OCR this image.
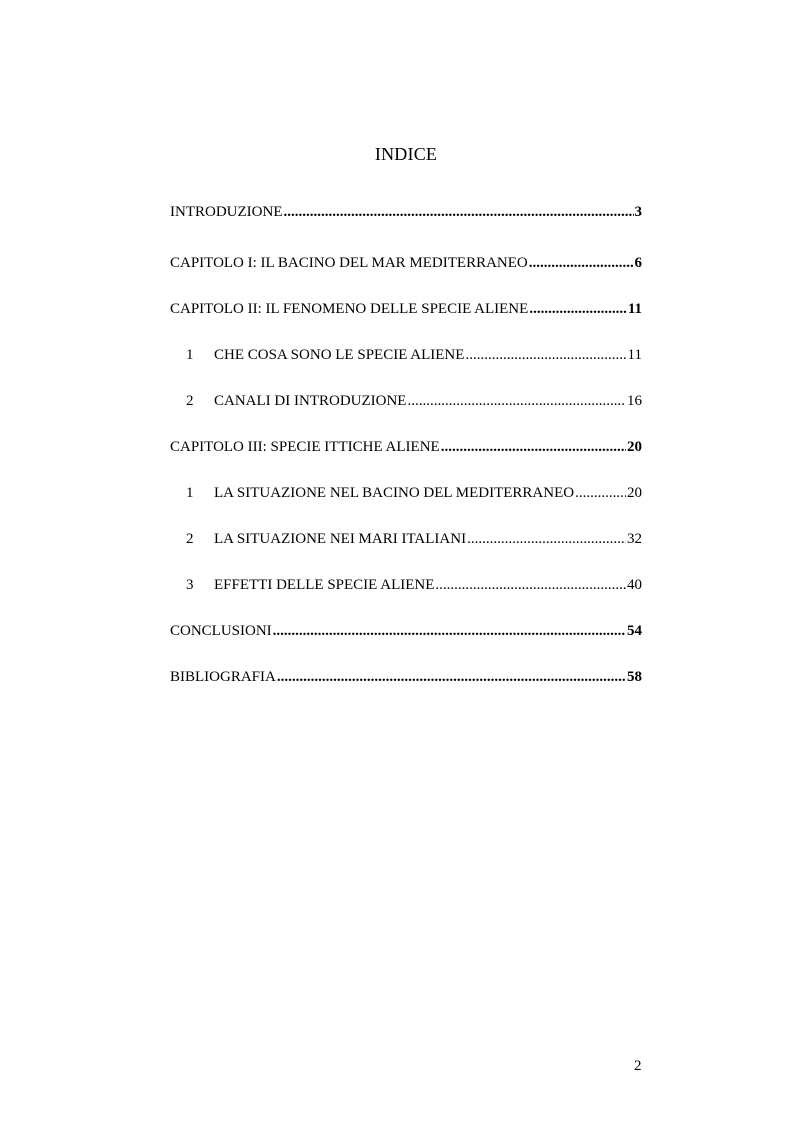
INDICE
INTRODUZIONE .....	3
CAPITOLO I: IL BACINO DEL MAR MEDITERRANEO .....	6
CAPITOLO II: IL FENOMENO DELLE SPECIE ALIENE .....	11
1	CHE COSA SONO LE SPECIE ALIENE .....	11
2	CANALI DI INTRODUZIONE .....	16
CAPITOLO III: SPECIE ITTICHE ALIENE .....	20
1	LA SITUAZIONE NEL BACINO DEL MEDITERRANEO .....	20
2	LA SITUAZIONE NEI MARI ITALIANI .....	32
3	EFFETTI DELLE SPECIE ALIENE .....	40
CONCLUSIONI .....	54
BIBLIOGRAFIA .....	58
2
